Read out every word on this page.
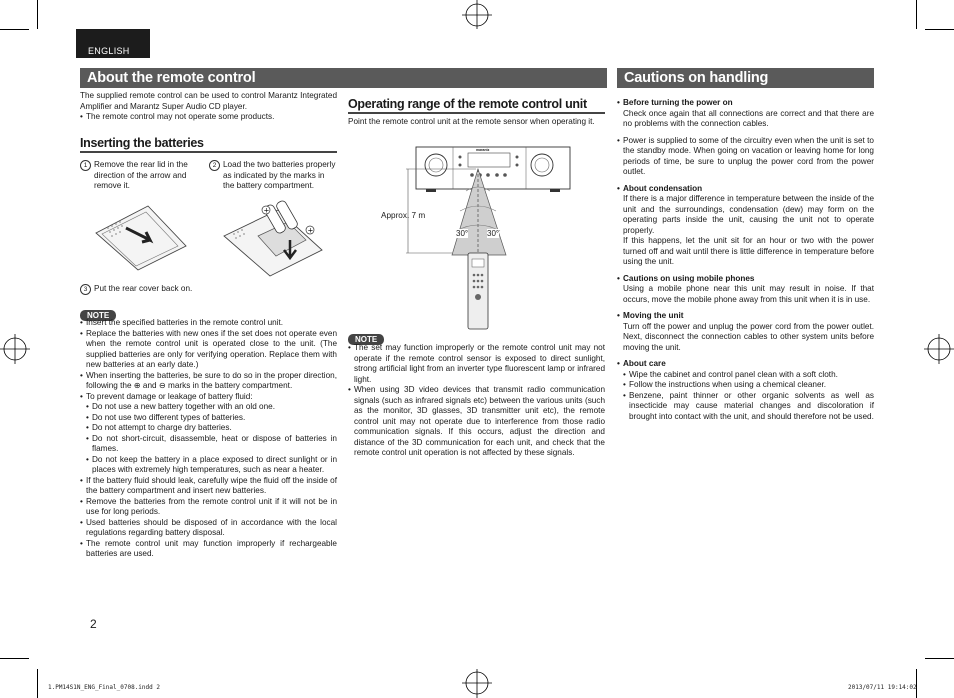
ENGLISH
About the remote control

The supplied remote control can be used to control Marantz Integrated Amplifier and Marantz Super Audio CD player.

• The remote control may not operate some products.
Inserting the batteries
1 Remove the rear lid in the direction of the arrow and remove it.
2 Load the two batteries properly as indicated by the marks in the battery compartment.
+
+
3 Put the rear cover back on.
NOTE
• Insert the specified batteries in the remote control unit.
• Replace the batteries with new ones if the set does not operate even when the remote control unit is operated close to the unit. (The supplied batteries are only for verifying operation. Replace them with new batteries at an early date.)
• When inserting the batteries, be sure to do so in the proper direction, following the ⊕ and ⊖ marks in the battery compartment.
• To prevent damage or leakage of battery fluid:
• Do not use a new battery together with an old one.
• Do not use two different types of batteries.
• Do not attempt to charge dry batteries.
• Do not short-circuit, disassemble, heat or dispose of batteries in flames.
• Do not keep the battery in a place exposed to direct sunlight or in places with extremely high temperatures, such as near a heater.
• If the battery fluid should leak, carefully wipe the fluid off the inside of the battery compartment and insert new batteries.
• Remove the batteries from the remote control unit if it will not be in use for long periods.
• Used batteries should be disposed of in accordance with the local regulations regarding battery disposal.
• The remote control unit may function improperly if rechargeable batteries are used.
2
Operating range of the remote control unit

Point the remote control unit at the remote sensor when operating it.

marantz
Approx. 7 m
30° 30°
NOTE
• The set may function improperly or the remote control unit may not operate if the remote control sensor is exposed to direct sunlight, strong artificial light from an inverter type fluorescent lamp or infrared light.
• When using 3D video devices that transmit radio communication signals (such as infrared signals etc) between the various units (such as the monitor, 3D glasses, 3D transmitter unit etc), the remote control unit may not operate due to interference from those radio communication signals. If this occurs, adjust the direction and distance of the 3D communication for each unit, and check that the remote control unit operation is not affected by these signals.
Cautions on handling
• Before turning the power on

Check once again that all connections are correct and that there are no problems with the connection cables.

• Power is supplied to some of the circuitry even when the unit is set to the standby mode. When going on vacation or leaving home for long periods of time, be sure to unplug the power cord from the power outlet.
• About condensation

If there is a major difference in temperature between the inside of the unit and the surroundings, condensation (dew) may form on the operating parts inside the unit, causing the unit not to operate properly.

If this happens, let the unit sit for an hour or two with the power turned off and wait until there is little difference in temperature before using the unit.

• Cautions on using mobile phones

Using a mobile phone near this unit may result in noise. If that occurs, move the mobile phone away from this unit when it is in use.

• Moving the unit

Turn off the power and unplug the power cord from the power outlet. Next, disconnect the connection cables to other system units before moving the unit.

• About care
• Wipe the cabinet and control panel clean with a soft cloth.
• Follow the instructions when using a chemical cleaner.
• Benzene, paint thinner or other organic solvents as well as insecticide may cause material changes and discoloration if brought into contact with the unit, and should therefore not be used.
1.PM14S1N_ENG_Final_0708.indd 2	2013/07/11 19:14:02
